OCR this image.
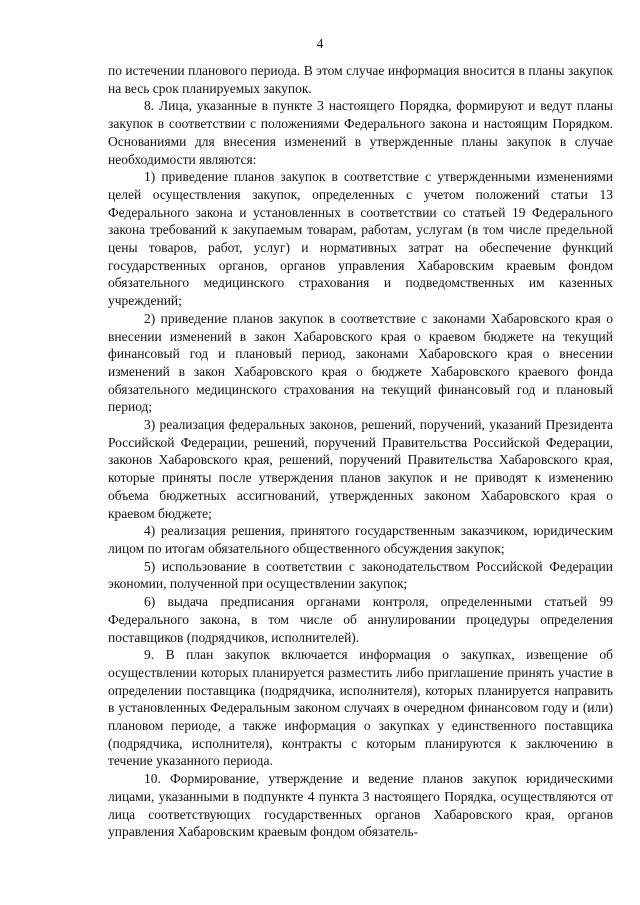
4

по истечении планового периода. В этом случае информация вносится в планы закупок на весь срок планируемых закупок.

8. Лица, указанные в пункте 3 настоящего Порядка, формируют и ведут планы закупок в соответствии с положениями Федерального закона и настоящим Порядком. Основаниями для внесения изменений в утвержденные планы закупок в случае необходимости являются:

1) приведение планов закупок в соответствие с утвержденными изменениями целей осуществления закупок, определенных с учетом положений статьи 13 Федерального закона и установленных в соответствии со статьей 19 Федерального закона требований к закупаемым товарам, работам, услугам (в том числе предельной цены товаров, работ, услуг) и нормативных затрат на обеспечение функций государственных органов, органов управления Хабаровским краевым фондом обязательного медицинского страхования и подведомственных им казенных учреждений;

2) приведение планов закупок в соответствие с законами Хабаровского края о внесении изменений в закон Хабаровского края о краевом бюджете на текущий финансовый год и плановый период, законами Хабаровского края о внесении изменений в закон Хабаровского края о бюджете Хабаровского краевого фонда обязательного медицинского страхования на текущий финансовый год и плановый период;

3) реализация федеральных законов, решений, поручений, указаний Президента Российской Федерации, решений, поручений Правительства Российской Федерации, законов Хабаровского края, решений, поручений Правительства Хабаровского края, которые приняты после утверждения планов закупок и не приводят к изменению объема бюджетных ассигнований, утвержденных законом Хабаровского края о краевом бюджете;

4) реализация решения, принятого государственным заказчиком, юридическим лицом по итогам обязательного общественного обсуждения закупок;

5) использование в соответствии с законодательством Российской Федерации экономии, полученной при осуществлении закупок;

6) выдача предписания органами контроля, определенными статьей 99 Федерального закона, в том числе об аннулировании процедуры определения поставщиков (подрядчиков, исполнителей).

9. В план закупок включается информация о закупках, извещение об осуществлении которых планируется разместить либо приглашение принять участие в определении поставщика (подрядчика, исполнителя), которых планируется направить в установленных Федеральным законом случаях в очередном финансовом году и (или) плановом периоде, а также информация о закупках у единственного поставщика (подрядчика, исполнителя), контракты с которым планируются к заключению в течение указанного периода.

10. Формирование, утверждение и ведение планов закупок юридическими лицами, указанными в подпункте 4 пункта 3 настоящего Порядка, осуществляются от лица соответствующих государственных органов Хабаровского края, органов управления Хабаровским краевым фондом обязатель-
